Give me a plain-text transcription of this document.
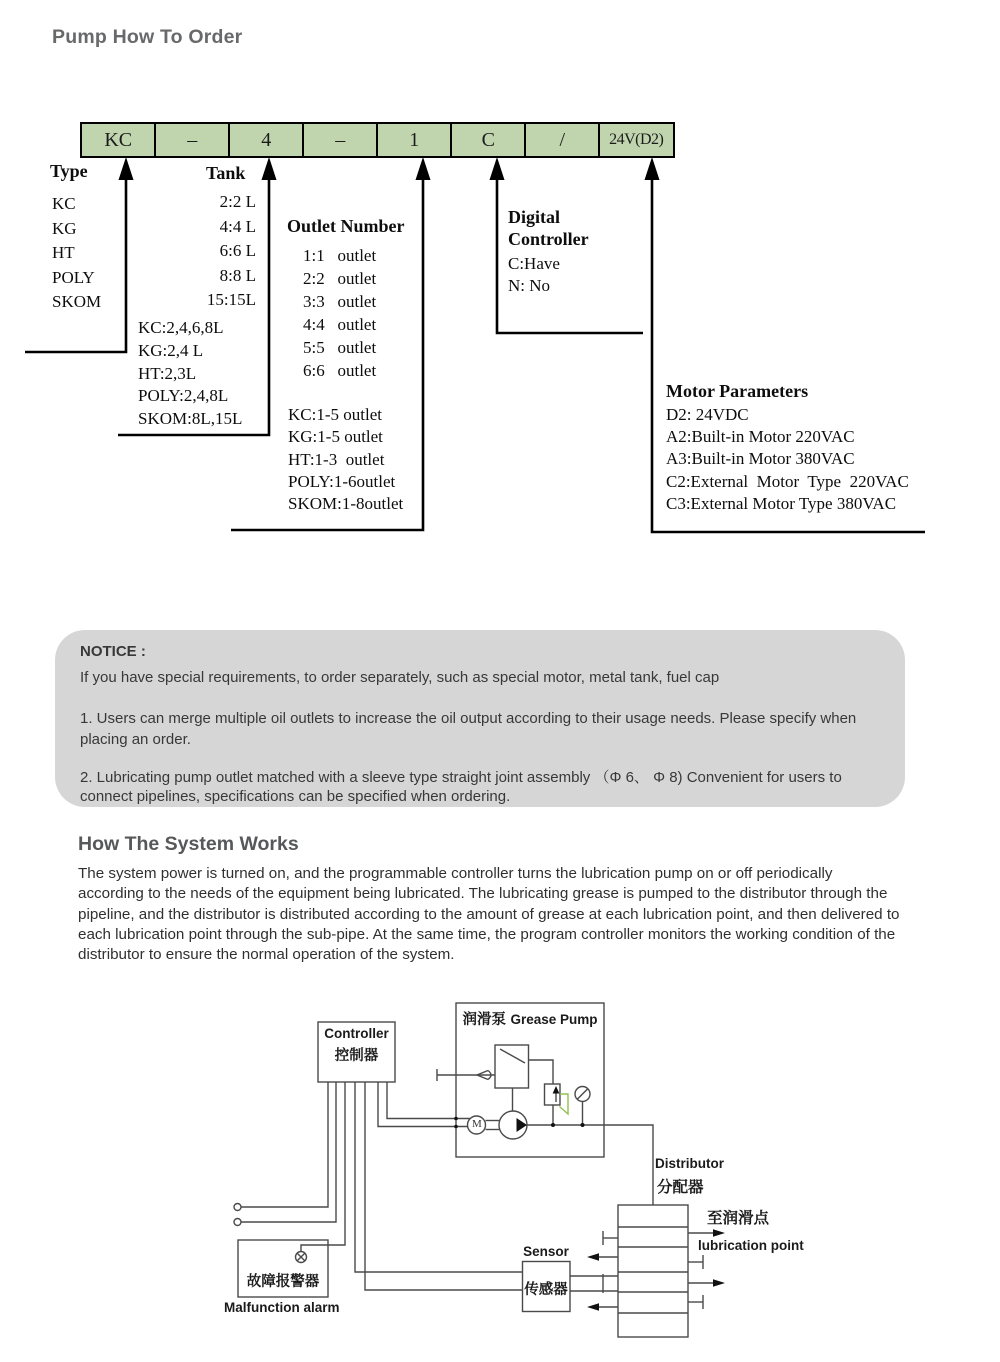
Pump How To Order
KC	–	4	–	1	C	/	24V(D2)
Type
KC
KG
HT
POLY
SKOM
Tank
2:2 L
4:4 L
6:6 L
8:8 L
15:15L
KC:2,4,6,8L
KG:2,4 L
HT:2,3L
POLY:2,4,8L
SKOM:8L,15L
Outlet Number
1:1   outlet
2:2   outlet
3:3   outlet
4:4   outlet
5:5   outlet
6:6   outlet
KC:1-5 outlet
KG:1-5 outlet
HT:1-3  outlet
POLY:1-6outlet
SKOM:1-8outlet
Digital
Controller
C:Have
N: No
Motor Parameters
D2: 24VDC
A2:Built-in Motor 220VAC
A3:Built-in Motor 380VAC
C2:External  Motor  Type  220VAC
C3:External Motor Type 380VAC
NOTICE :
If you have special requirements, to order separately, such as special motor, metal tank, fuel cap
1. Users can merge multiple oil outlets to increase the oil output according to their usage needs. Please specify when placing an order.
2. Lubricating pump outlet matched with a sleeve type straight joint assembly （Φ 6、 Φ 8) Convenient for users to connect pipelines, specifications can be specified when ordering.
How The System Works
The system power is turned on, and the programmable controller turns the lubrication pump on or off periodically according to the needs of the equipment being lubricated. The lubricating grease is pumped to the distributor through the pipeline, and the distributor is distributed according to the amount of grease at each lubrication point, and then delivered to each lubrication point through the sub-pipe. At the same time, the program controller monitors the working condition of the distributor to ensure the normal operation of the system.
Controller
控制器
润滑泵 Grease Pump
M
Distributor
分配器
至润滑点
lubrication point
Sensor
传感器
故障报警器
Malfunction alarm
